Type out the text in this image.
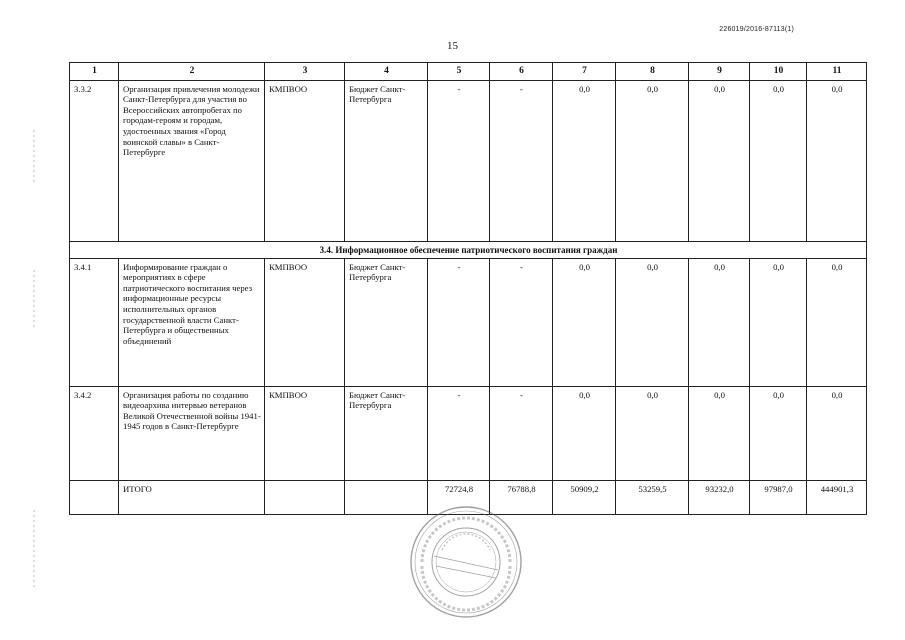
226019/2016-87113(1)
15
1	2	3	4	5	6	7	8	9	10	11
3.3.2	Организация привлечения молодежи Санкт-Петербурга для участия во Всероссийских автопробегах по городам-героям и городам, удостоенных звания «Город воинской славы» в Санкт-Петербурге	КМПВОО	Бюджет Санкт-Петербурга	-	-	0,0	0,0	0,0	0,0	0,0
3.4. Информационное обеспечение патриотического воспитания граждан										
3.4.1	Информирование граждан о мероприятиях в сфере патриотического воспитания через информационные ресурсы исполнительных органов государственной власти Санкт-Петербурга и общественных объединений	КМПВОО	Бюджет Санкт-Петербурга	-	-	0,0	0,0	0,0	0,0	0,0
3.4.2	Организация работы по созданию видеоархива интервью ветеранов Великой Отечественной войны 1941-1945 годов в Санкт-Петербурге	КМПВОО	Бюджет Санкт-Петербурга	-	-	0,0	0,0	0,0	0,0	0,0
	ИТОГО			72724,8	76788,8	50909,2	53259,5	93232,0	97987,0	444901,3
